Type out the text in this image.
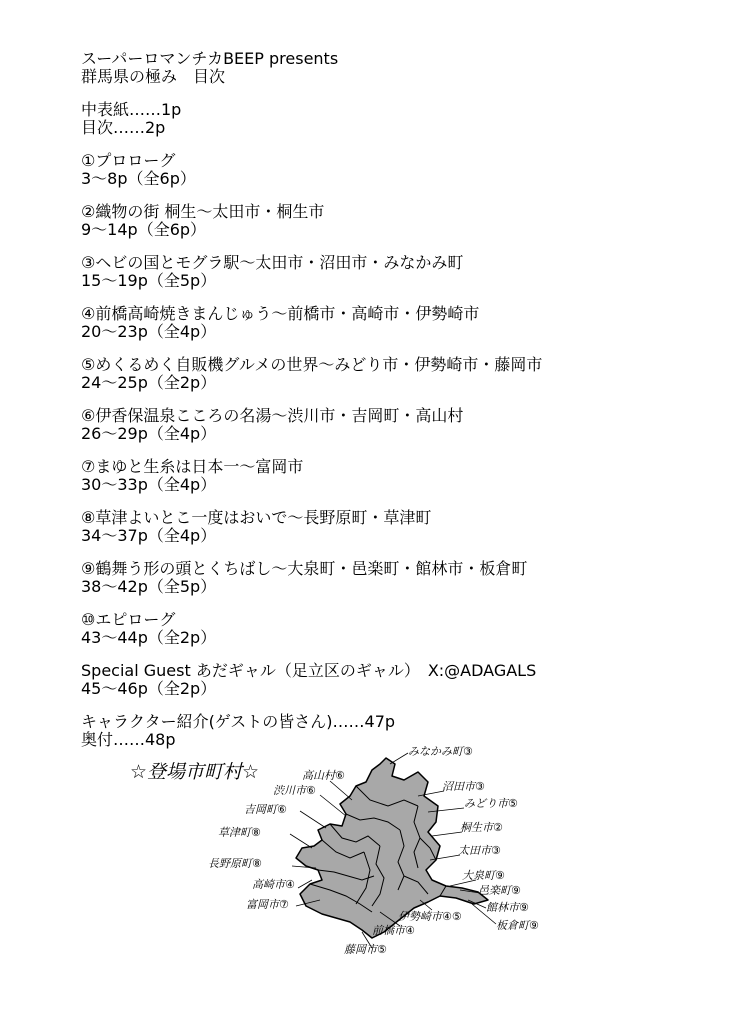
スーパーロマンチカBEEP presents
群馬県の極み　目次
中表紙……1p
目次……2p
①プロローグ
3～8p（全6p）
②織物の街 桐生～太田市・桐生市
9～14p（全6p）
③ヘビの国とモグラ駅～太田市・沼田市・みなかみ町
15～19p（全5p）
④前橋高崎焼きまんじゅう～前橋市・高崎市・伊勢崎市
20～23p（全4p）
⑤めくるめく自販機グルメの世界～みどり市・伊勢崎市・藤岡市
24～25p（全2p）
⑥伊香保温泉こころの名湯～渋川市・吉岡町・高山村
26～29p（全4p）
⑦まゆと生糸は日本一～富岡市
30～33p（全4p）
⑧草津よいとこ一度はおいで～長野原町・草津町
34～37p（全4p）
⑨鶴舞う形の頭とくちばし～大泉町・邑楽町・館林市・板倉町
38～42p（全5p）
⑩エピローグ
43～44p（全2p）
Special Guest あだギャル（足立区のギャル）　X:@ADAGALS
45～46p（全2p）
キャラクター紹介(ゲストの皆さん)……47p
奥付……48p
☆登場市町村☆
みなかみ町③
高山村⑥
沼田市③
渋川市⑥
みどり市⑤
吉岡町⑥
桐生市②
草津町⑧
太田市③
長野原町⑧
大泉町⑨
高崎市④	邑楽町⑨
富岡市⑦	館林市⑨
伊勢崎市④⑤
板倉町⑨
前橋市④
藤岡市⑤
